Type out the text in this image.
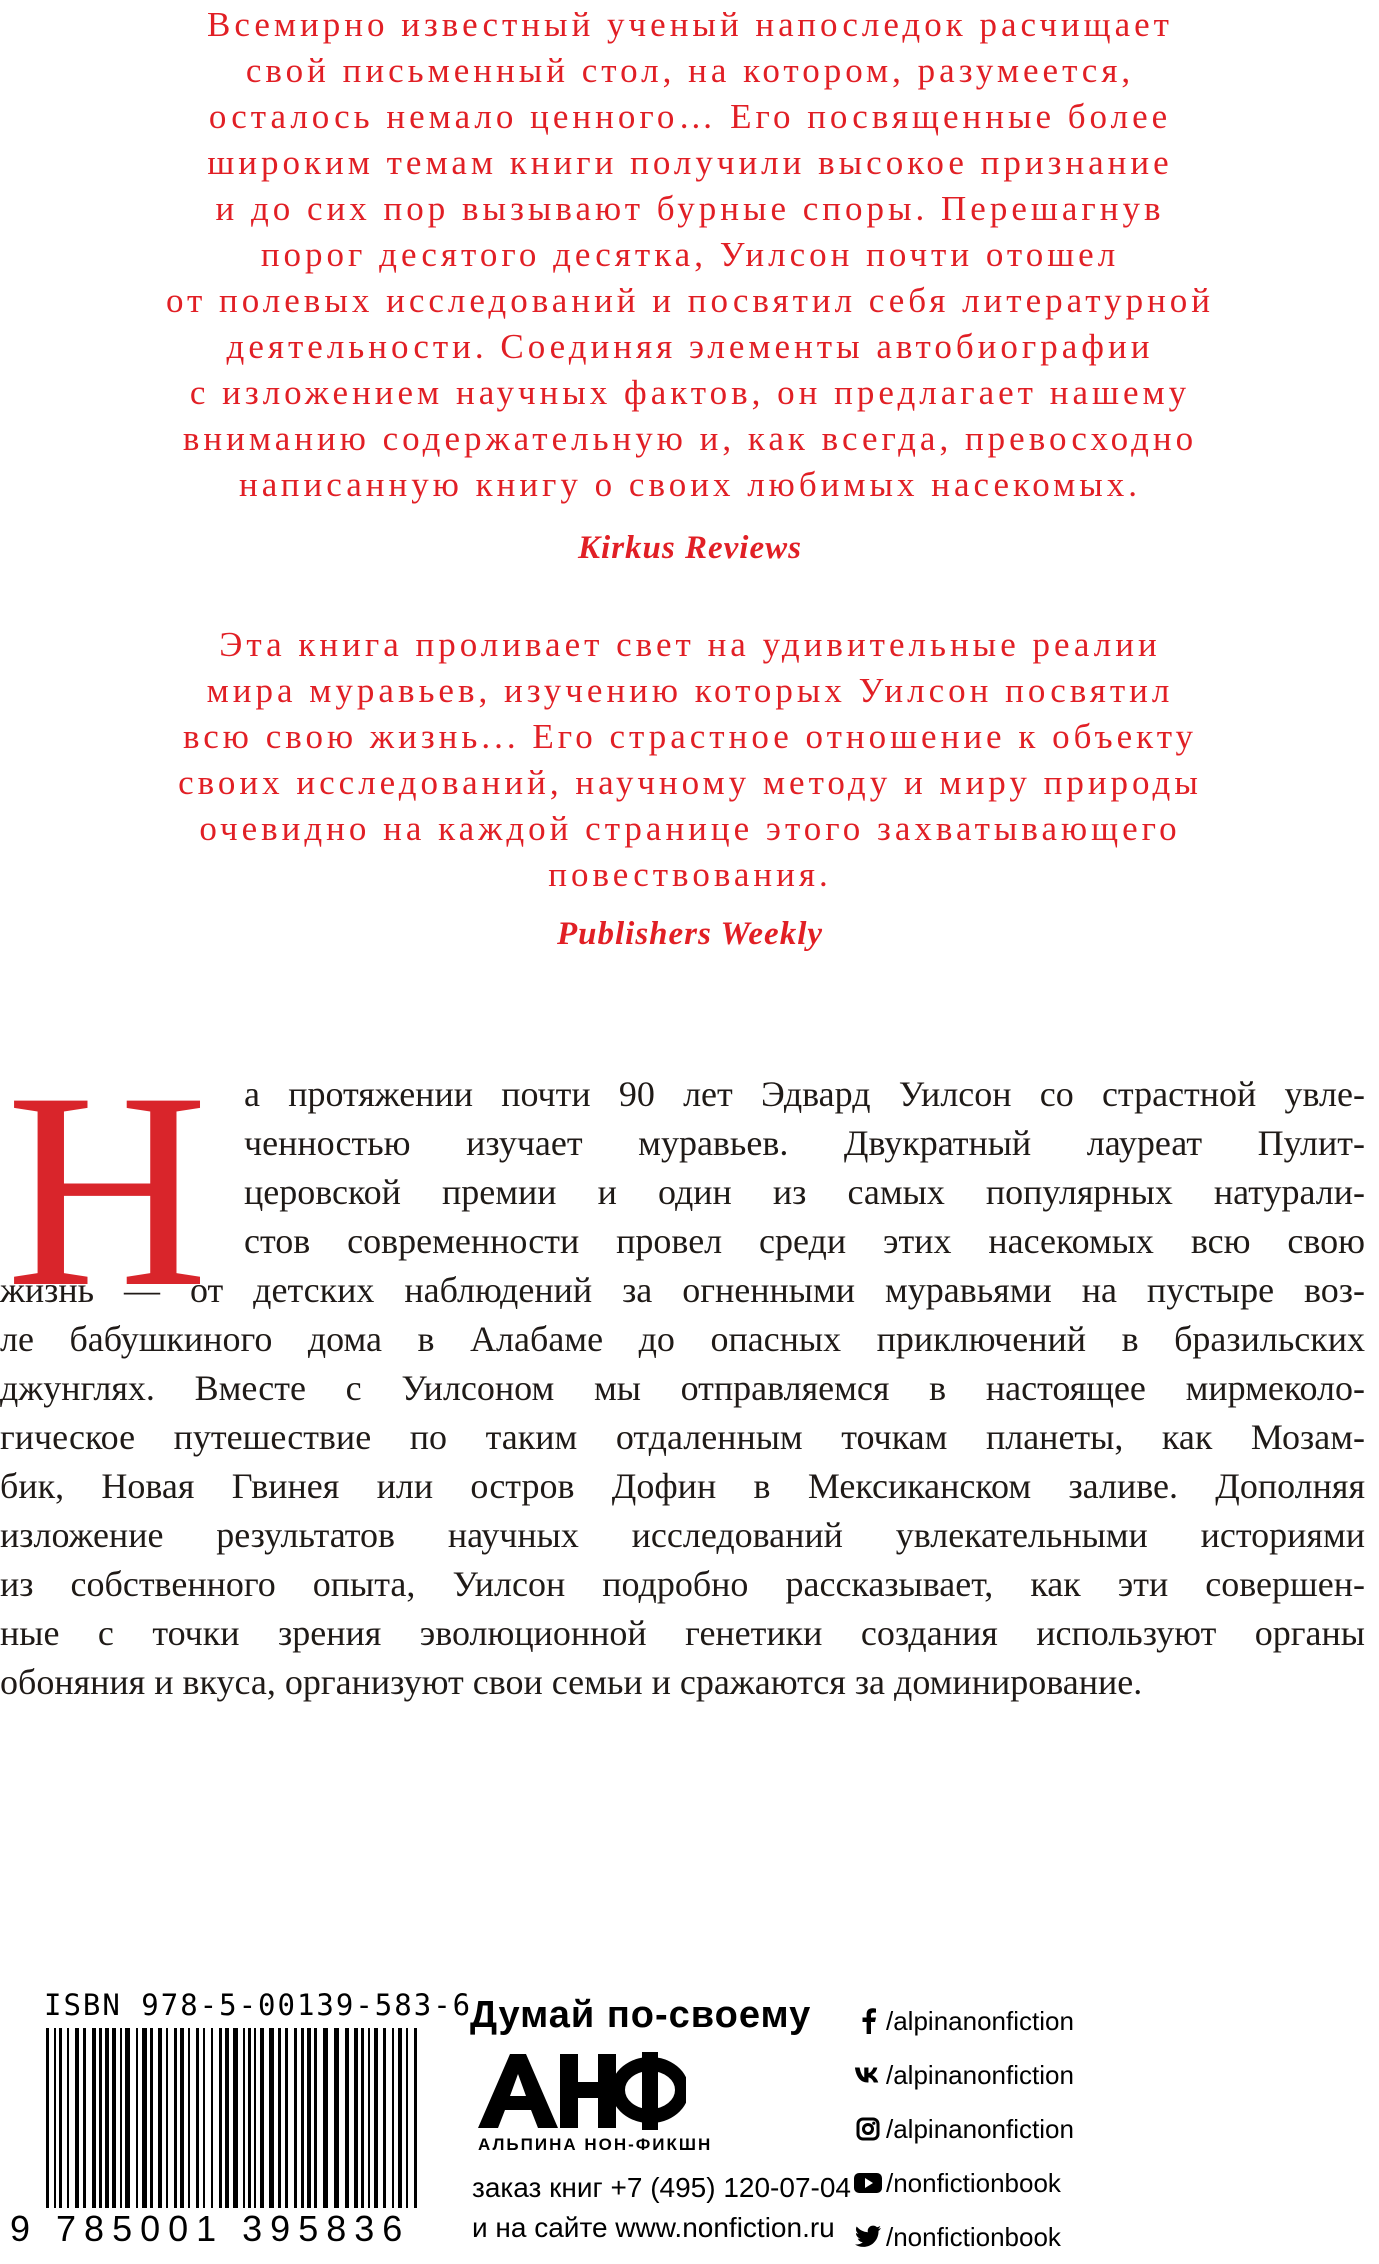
Всемирно известный ученый напоследок расчищает
свой письменный стол, на котором, разумеется,
осталось немало ценного… Его посвященные более
широким темам книги получили высокое признание
и до сих пор вызывают бурные споры. Перешагнув
порог десятого десятка, Уилсон почти отошел
от полевых исследований и посвятил себя литературной
деятельности. Соединяя элементы автобиографии
с изложением научных фактов, он предлагает нашему
вниманию содержательную и, как всегда, превосходно
написанную книгу о своих любимых насекомых.
Kirkus Reviews
Эта книга проливает свет на удивительные реалии
мира муравьев, изучению которых Уилсон посвятил
всю свою жизнь... Его страстное отношение к объекту
своих исследований, научному методу и миру природы
очевидно на каждой странице этого захватывающего
повествования.
Publishers Weekly
Н а протяжении почти 90 лет Эдвард Уилсон со страстной увле-
ченностью изучает муравьев. Двукратный лауреат Пулит-
церовской премии и один из самых популярных натурали-
стов современности провел среди этих насекомых всю свою
жизнь — от детских наблюдений за огненными муравьями на пустыре воз-
ле бабушкиного дома в Алабаме до опасных приключений в бразильских
джунглях. Вместе с Уилсоном мы отправляемся в настоящее мирмеколо-
гическое путешествие по таким отдаленным точкам планеты, как Мозам-
бик, Новая Гвинея или остров Дофин в Мексиканском заливе. Дополняя
изложение результатов научных исследований увлекательными историями
из собственного опыта, Уилсон подробно рассказывает, как эти совершен-
ные с точки зрения эволюционной генетики создания используют органы
обоняния и вкуса, организуют свои семьи и сражаются за доминирование.
ISBN 978-5-00139-583-6
9 785001 395836
Думай по-своему
АЛЬПИНА НОН-ФИКШН
заказ книг +7 (495) 120-07-04
и на сайте www.nonfiction.ru
/alpinanonfiction
/alpinanonfiction
/alpinanonfiction
/nonfictionbook
/nonfictionbook
